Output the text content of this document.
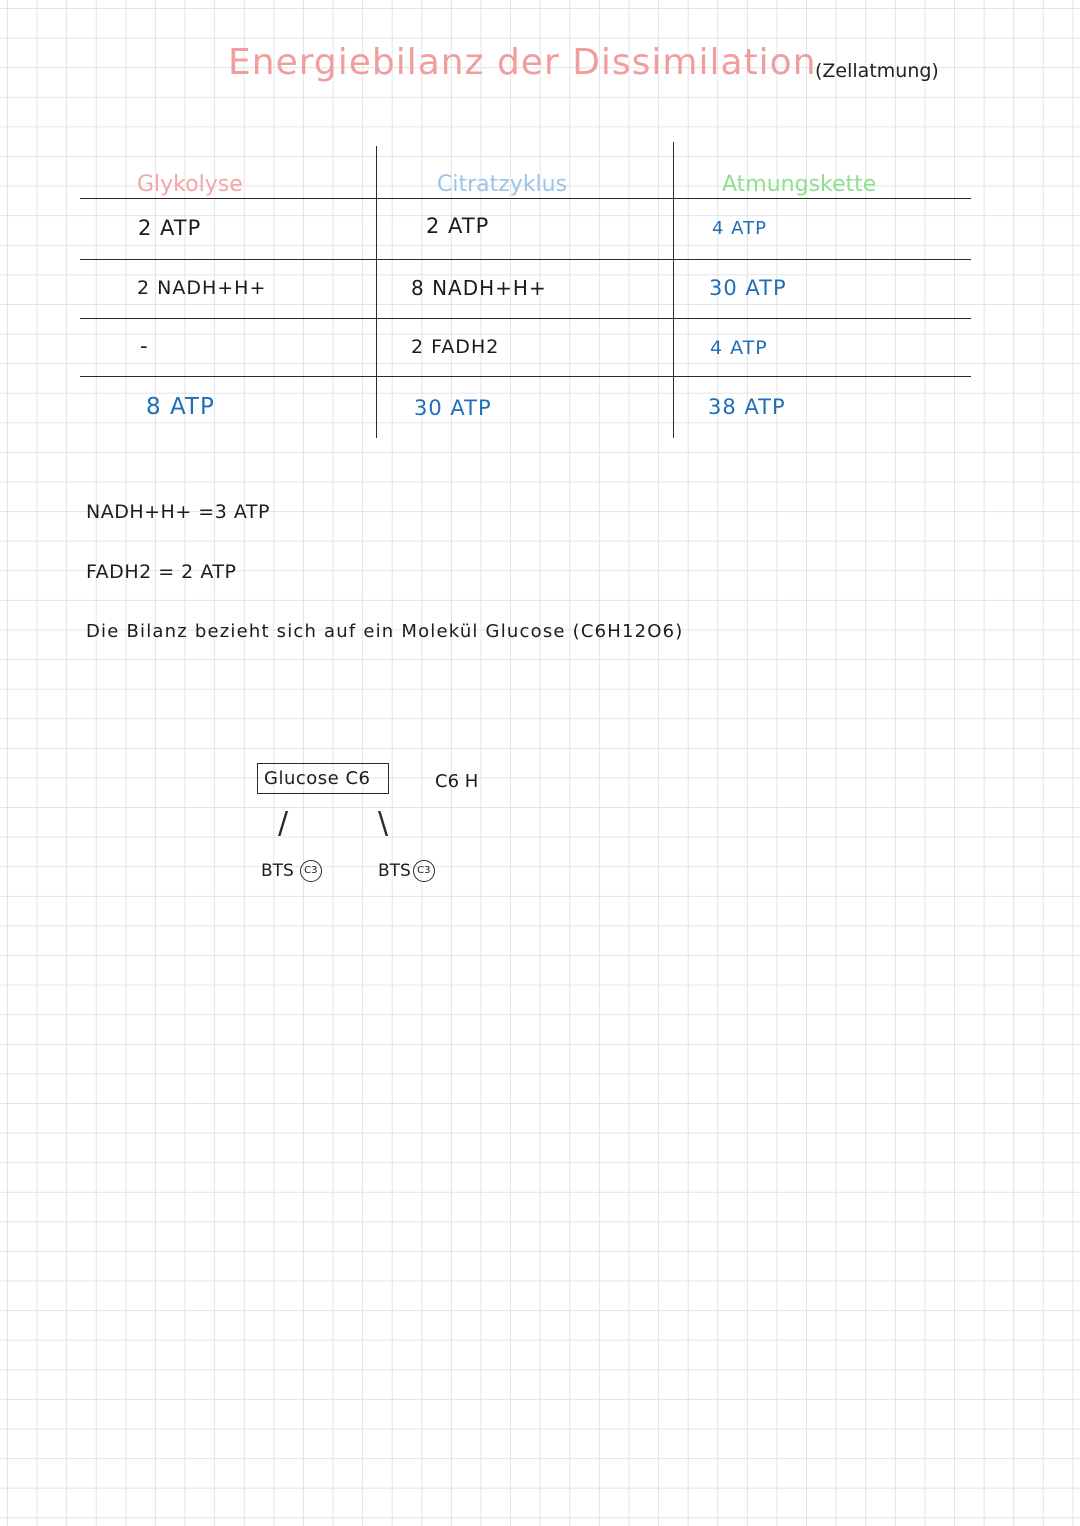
Energiebilanz der Dissimilation
(Zellatmung)
Glykolyse	Citratzyklus	Atmungskette
2 ATP	2 ATP	4 ATP
2 NADH+H+	8 NADH+H+	30 ATP
-	2 FADH2	4 ATP
8 ATP	30 ATP	38 ATP
NADH+H+ =3 ATP
FADH2 = 2 ATP
Die Bilanz bezieht sich auf ein Molekül Glucose (C6H12O6)
Glucose C6	C6 H
/	\
BTS C3	BTS C3
